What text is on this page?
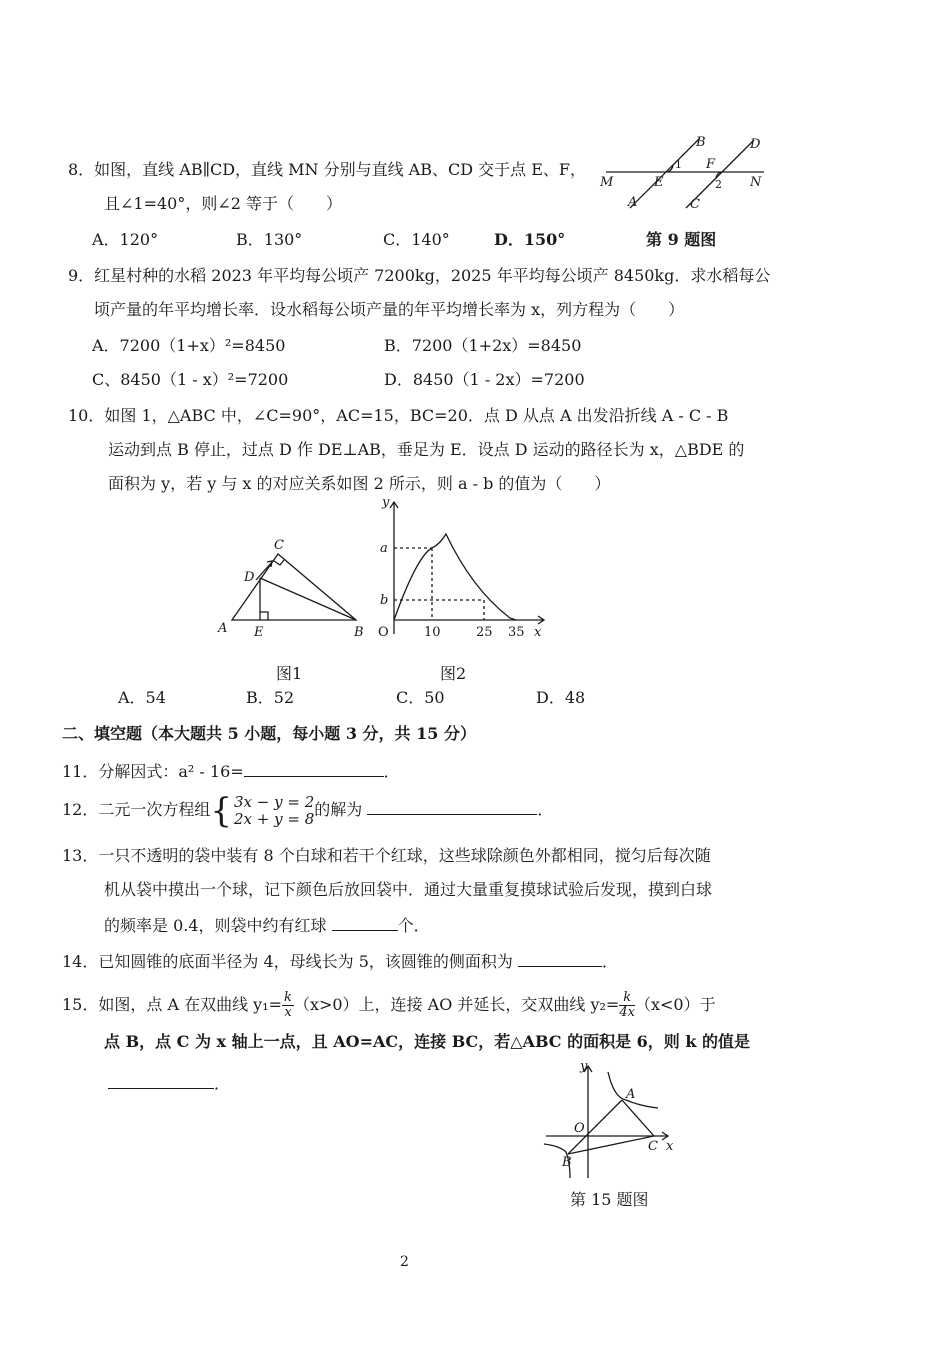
8．如图，直线 AB∥CD，直线 MN 分别与直线 AB、CD 交于点 E、F，
且∠1=40°，则∠2 等于（　　）
A．120°	B．130°	C．140°	D．150°	第 9 题图
B	D
M	E
F
N
A	C
1
2
9．红星村种的水稻 2023 年平均每公顷产 7200kg，2025 年平均每公顷产 8450kg．求水稻每公
顷产量的年平均增长率．设水稻每公顷产量的年平均增长率为 x，列方程为（　　）
A．7200（1+x）²=8450	B．7200（1+2x）=8450
C、8450（1 - x）²=7200	D．8450（1 - 2x）=7200
10．如图 1，△ABC 中，∠C=90°，AC=15，BC=20．点 D 从点 A 出发沿折线 A - C - B
运动到点 B 停止，过点 D 作 DE⊥AB，垂足为 E．设点 D 运动的路径长为 x，△BDE 的
面积为 y，若 y 与 x 的对应关系如图 2 所示，则 a - b 的值为（　　）
C
D
A E	B
y
a
b
O	10	25 35 x
图1	图2
A．54	B．52	C．50	D．48
二、填空题（本大题共 5 小题，每小题 3 分，共 15 分）
11．分解因式：a² - 16=	．
12．二元一次方程组{ 3x − y = 2
2x + y = 8 的解为	．
13．一只不透明的袋中装有 8 个白球和若干个红球，这些球除颜色外都相同，搅匀后每次随
机从袋中摸出一个球，记下颜色后放回袋中．通过大量重复摸球试验后发现，摸到白球
的频率是 0.4，则袋中约有红球	个．
14．已知圆锥的底面半径为 4，母线长为 5，该圆锥的侧面积为	．
15．如图，点 A 在双曲线 $y_1= \frac{k}{x} (x>0)$上，连接 AO 并延长，交双曲线 $y_2= \frac{k}{4x} (x<0)$于
点 B，点 C 为 x 轴上一点，且 AO=AC，连接 BC，若△ABC 的面积是 6，则 k 的值是
．
y
A
O
C x
B
第 15 题图
2
